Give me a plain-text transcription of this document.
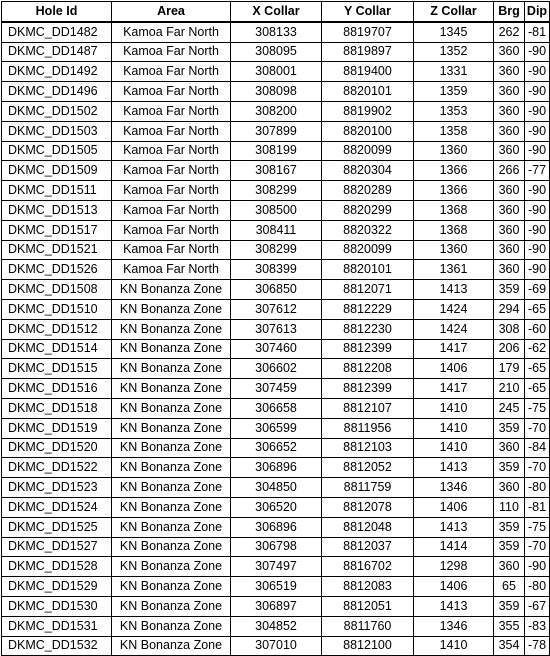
Hole Id	Area	X Collar	Y Collar	Z Collar	Brg	Dip
DKMC_DD1482	Kamoa Far North	308133	8819707	1345	262	-81
DKMC_DD1487	Kamoa Far North	308095	8819897	1352	360	-90
DKMC_DD1492	Kamoa Far North	308001	8819400	1331	360	-90
DKMC_DD1496	Kamoa Far North	308098	8820101	1359	360	-90
DKMC_DD1502	Kamoa Far North	308200	8819902	1353	360	-90
DKMC_DD1503	Kamoa Far North	307899	8820100	1358	360	-90
DKMC_DD1505	Kamoa Far North	308199	8820099	1360	360	-90
DKMC_DD1509	Kamoa Far North	308167	8820304	1366	266	-77
DKMC_DD1511	Kamoa Far North	308299	8820289	1366	360	-90
DKMC_DD1513	Kamoa Far North	308500	8820299	1368	360	-90
DKMC_DD1517	Kamoa Far North	308411	8820322	1368	360	-90
DKMC_DD1521	Kamoa Far North	308299	8820099	1360	360	-90
DKMC_DD1526	Kamoa Far North	308399	8820101	1361	360	-90
DKMC_DD1508	KN Bonanza Zone	306850	8812071	1413	359	-69
DKMC_DD1510	KN Bonanza Zone	307612	8812229	1424	294	-65
DKMC_DD1512	KN Bonanza Zone	307613	8812230	1424	308	-60
DKMC_DD1514	KN Bonanza Zone	307460	8812399	1417	206	-62
DKMC_DD1515	KN Bonanza Zone	306602	8812208	1406	179	-65
DKMC_DD1516	KN Bonanza Zone	307459	8812399	1417	210	-65
DKMC_DD1518	KN Bonanza Zone	306658	8812107	1410	245	-75
DKMC_DD1519	KN Bonanza Zone	306599	8811956	1410	359	-70
DKMC_DD1520	KN Bonanza Zone	306652	8812103	1410	360	-84
DKMC_DD1522	KN Bonanza Zone	306896	8812052	1413	359	-70
DKMC_DD1523	KN Bonanza Zone	304850	8811759	1346	360	-80
DKMC_DD1524	KN Bonanza Zone	306520	8812078	1406	110	-81
DKMC_DD1525	KN Bonanza Zone	306896	8812048	1413	359	-75
DKMC_DD1527	KN Bonanza Zone	306798	8812037	1414	359	-70
DKMC_DD1528	KN Bonanza Zone	307497	8816702	1298	360	-90
DKMC_DD1529	KN Bonanza Zone	306519	8812083	1406	65	-80
DKMC_DD1530	KN Bonanza Zone	306897	8812051	1413	359	-67
DKMC_DD1531	KN Bonanza Zone	304852	8811760	1346	355	-83
DKMC_DD1532	KN Bonanza Zone	307010	8812100	1410	354	-78
